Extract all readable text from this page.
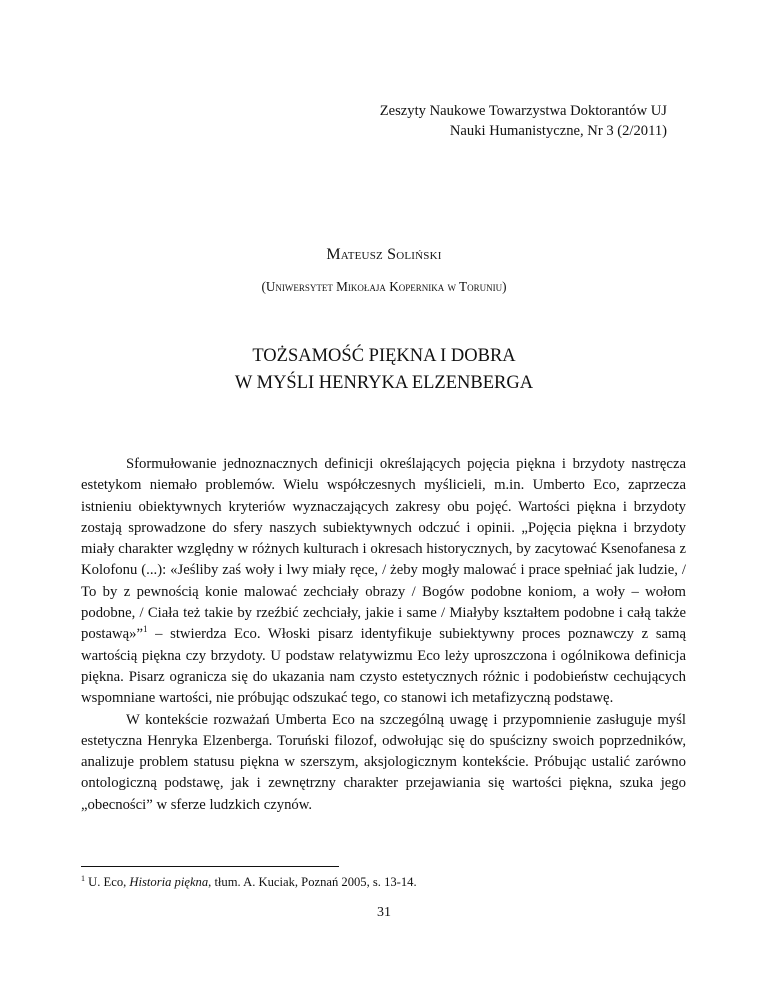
Zeszyty Naukowe Towarzystwa Doktorantów UJ
Nauki Humanistyczne, Nr 3 (2/2011)
Mateusz Soliński
(Uniwersytet Mikołaja Kopernika w Toruniu)
TOŻSAMOŚĆ PIĘKNA I DOBRA
W MYŚLI HENRYKA ELZENBERGA

Sformułowanie jednoznacznych definicji określających pojęcia piękna i brzydoty nastręcza estetykom niemało problemów. Wielu współczesnych myślicieli, m.in. Umberto Eco, zaprzecza istnieniu obiektywnych kryteriów wyznaczających zakresy obu pojęć. Wartości piękna i brzydoty zostają sprowadzone do sfery naszych subiektywnych odczuć i opinii. „Pojęcia piękna i brzydoty miały charakter względny w różnych kulturach i okresach historycznych, by zacytować Ksenofanesa z Kolofonu (...): «Jeśliby zaś woły i lwy miały ręce, / żeby mogły malować i prace spełniać jak ludzie, / To by z pewnością konie malować zechciały obrazy / Bogów podobne koniom, a woły – wołom podobne, / Ciała też takie by rzeźbić zechciały, jakie i same / Miałyby kształtem podobne i całą także postawą»”$^1$ – stwierdza Eco. Włoski pisarz identyfikuje subiektywny proces poznawczy z samą wartością piękna czy brzydoty. U podstaw relatywizmu Eco leży uproszczona i ogólnikowa definicja piękna. Pisarz ogranicza się do ukazania nam czysto estetycznych różnic i podobieństw cechujących wspomniane wartości, nie próbując odszukać tego, co stanowi ich metafizyczną podstawę.

W kontekście rozważań Umberta Eco na szczególną uwagę i przypomnienie zasługuje myśl estetyczna Henryka Elzenberga. Toruński filozof, odwołując się do spuścizny swoich poprzedników, analizuje problem statusu piękna w szerszym, aksjologicznym kontekście. Próbując ustalić zarówno ontologiczną podstawę, jak i zewnętrzny charakter przejawiania się wartości piękna, szuka jego „obecności” w sferze ludzkich czynów.

$^1$ U. Eco, Historia piękna, tłum. A. Kuciak, Poznań 2005, s. 13-14.
31
